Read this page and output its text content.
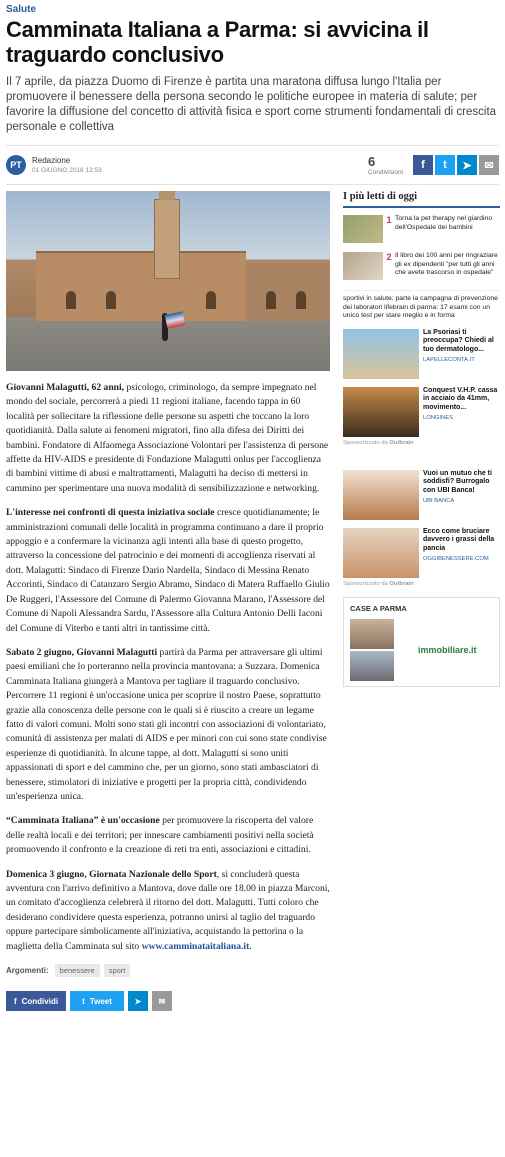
Salute
Camminata Italiana a Parma: si avvicina il traguardo conclusivo
Il 7 aprile, da piazza Duomo di Firenze è partita una maratona diffusa lungo l'Italia per promuovere il benessere della persona secondo le politiche europee in materia di salute; per favorire la diffusione del concetto di attività fisica e sport come strumenti fondamentali di crescita personale e collettiva
PT	Redazione
01 GIUGNO 2018 12:53
6
Condivisioni
f	t	➤	✉

Giovanni Malagutti, 62 anni, psicologo, criminologo, da sempre impegnato nel mondo del sociale, percorrerà a piedi 11 regioni italiane, facendo tappa in 60 località per sollecitare la riflessione delle persone su aspetti che toccano la loro quotidianità. Dalla salute ai fenomeni migratori, fino alla difesa dei Diritti dei bambini. Fondatore di Alfaomega Associazione Volontari per l'assistenza di persone affette da HIV-AIDS e presidente di Fondazione Malagutti onlus per l'accoglienza di bambini vittime di abusi e maltrattamenti, Malagutti ha deciso di mettersi in cammino per sperimentare una nuova modalità di sensibilizzazione e networking.

L'interesse nei confronti di questa iniziativa sociale cresce quotidianamente; le amministrazioni comunali delle località in programma continuano a dare il proprio appoggio e a confermare la vicinanza agli intenti alla base di questo progetto, attraverso la concessione del patrocinio e dei momenti di accoglienza riservati al dott. Malagutti: Sindaco di Firenze Dario Nardella, Sindaco di Messina Renato Accorinti, Sindaco di Catanzaro Sergio Abramo, Sindaco di Matera Raffaello Giulio De Ruggeri, l'Assessore del Comune di Palermo Giovanna Marano, l'Assessore del Comune di Napoli Alessandra Sardu, l'Assessore alla Cultura Antonio Delli Iaconi del Comune di Viterbo e tanti altri in tantissime città.

Sabato 2 giugno, Giovanni Malagutti partirà da Parma per attraversare gli ultimi paesi emiliani che lo porteranno nella provincia mantovana: a Suzzara. Domenica Camminata Italiana giungerà a Mantova per tagliare il traguardo conclusivo. Percorrere 11 regioni è un'occasione unica per scoprire il nostro Paese, soprattutto grazie alla conoscenza delle persone con le quali si è riuscito a creare un legame fatto di valori comuni. Molti sono stati gli incontri con associazioni di volontariato, comunità di assistenza per malati di AIDS e per minori con cui sono state condivise esperienze di quotidianità. In alcune tappe, al dott. Malagutti si sono uniti appassionati di sport e del cammino che, per un giorno, sono stati ambasciatori di benessere, stimolatori di iniziative e progetti per la propria città, condividendo un'esperienza unica.

“Camminata Italiana” è un'occasione per promuovere la riscoperta del valore delle realtà locali e dei territori; per innescare cambiamenti positivi nella società promuovendo il confronto e la creazione di reti tra enti, associazioni e cittadini.

Domenica 3 giugno, Giornata Nazionale dello Sport, si concluderà questa avventura con l'arrivo definitivo a Mantova, dove dalle ore 18.00 in piazza Marconi, un comitato d'accoglienza celebrerà il ritorno del dott. Malagutti. Tutti coloro che desiderano condividere questa esperienza, potranno unirsi al taglio del traguardo oppure partecipare simbolicamente all'iniziativa, acquistando la pettorina o la maglietta della Camminata sul sito www.camminataitaliana.it.

Argomenti:	benessere	sport
f Condividi	t Tweet	➤	✉
I più letti di oggi
1 Torna la pet therapy nel giardino dell'Ospedale dei bambini
2 Il libro dei 100 anni per ringraziare gli ex dipendenti "per tutti gli anni che avete trascorso in ospedale"
sportivi in salute: parte la campagna di prevenzione dei laboratori lifebrain di parma: 17 esami con un unico test per stare meglio e in forma
La Psoriasi ti preoccupa? Chiedi al tuo dermatologo...
LAPELLECONTA.IT
Conquest V.H.P. cassa in acciaio da 41mm, movimento...
LONGINES
Sponsorizzato da Outbrain
Vuoi un mutuo che ti soddisfi? Burrogalo con UBI Banca!
UBI BANCA
Ecco come bruciare davvero i grassi della pancia
OGGIBENESSERE.COM
Sponsorizzato da Outbrain
CASE A PARMA
immobiliare.it
